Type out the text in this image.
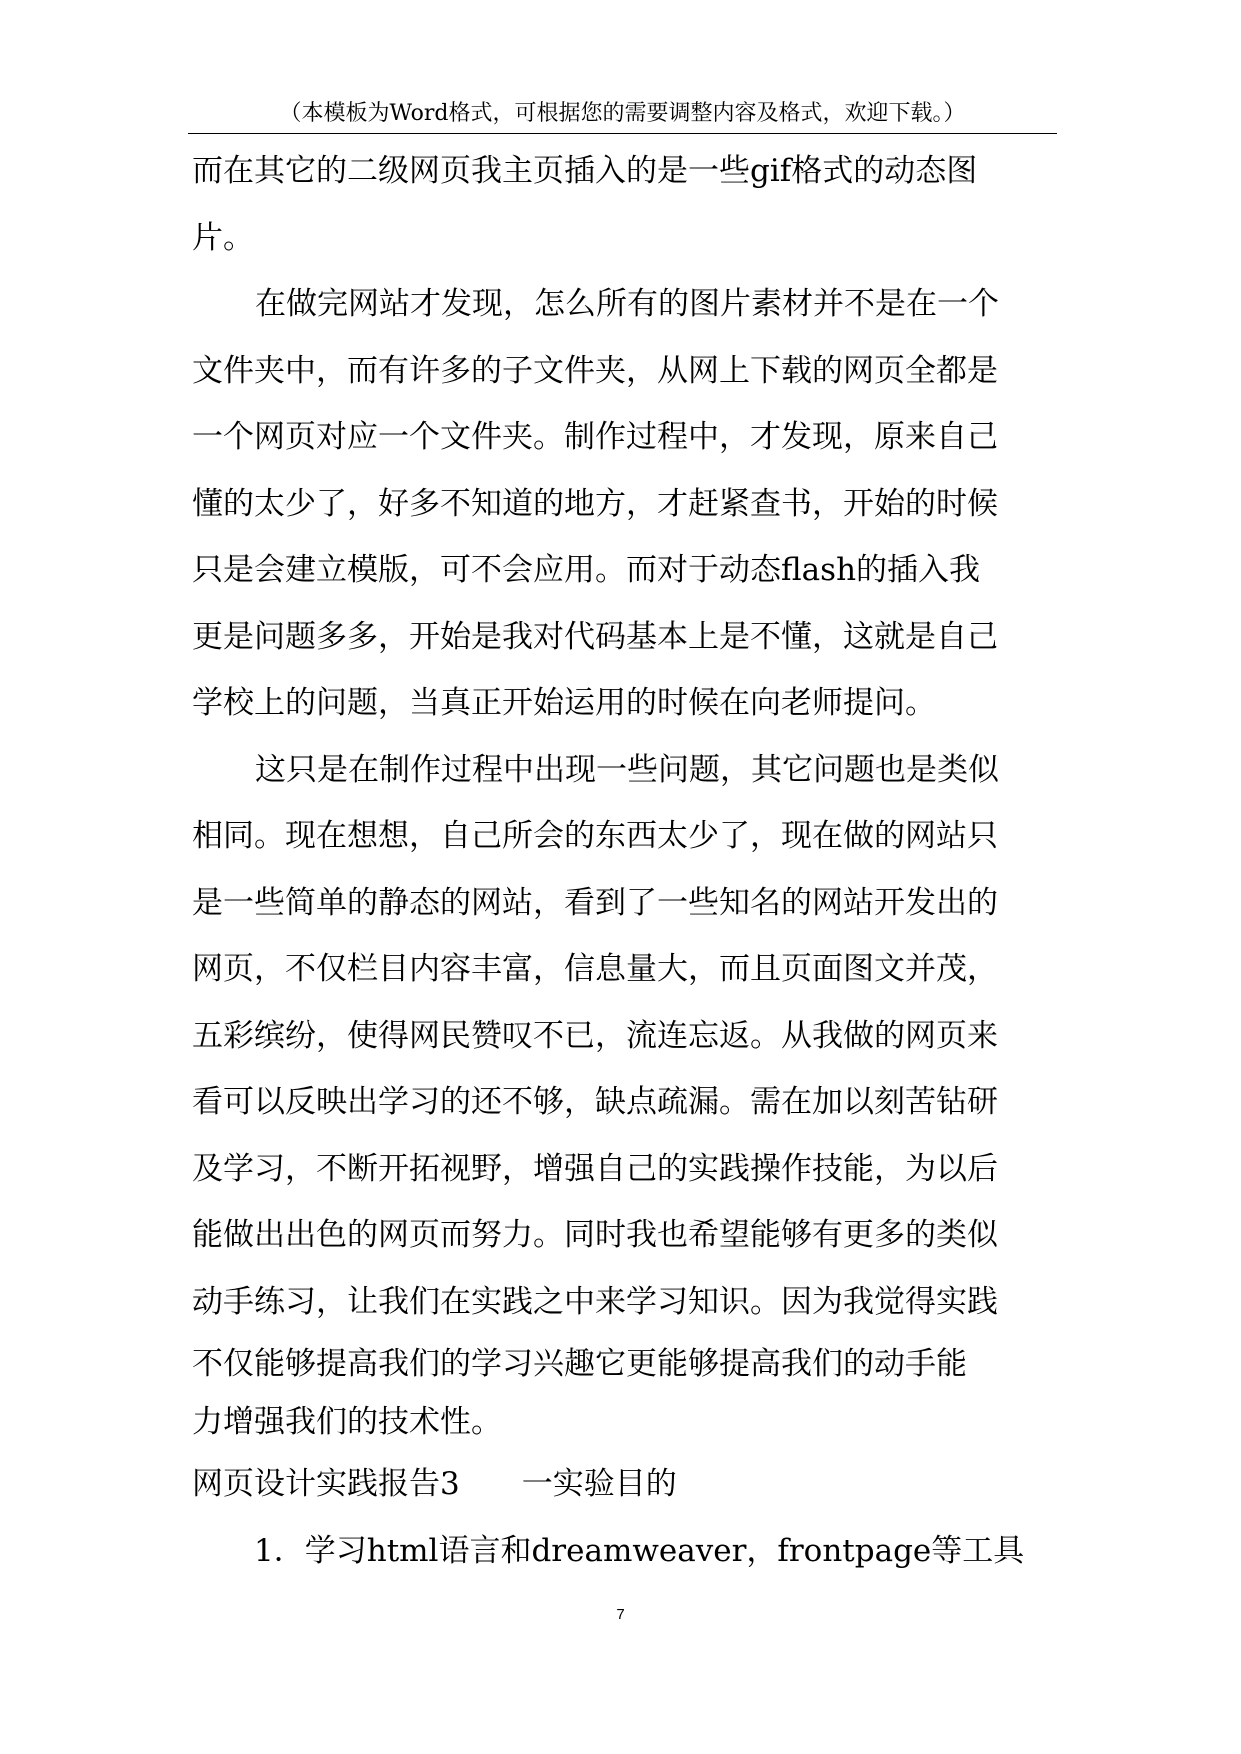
（本模板为Word格式，可根据您的需要调整内容及格式，欢迎下载。）
而在其它的二级网页我主页插入的是一些gif格式的动态图
片。
在做完网站才发现，怎么所有的图片素材并不是在一个
文件夹中，而有许多的子文件夹，从网上下载的网页全都是
一个网页对应一个文件夹。制作过程中，才发现，原来自己
懂的太少了，好多不知道的地方，才赶紧查书，开始的时候
只是会建立模版，可不会应用。而对于动态flash的插入我
更是问题多多，开始是我对代码基本上是不懂，这就是自己
学校上的问题，当真正开始运用的时候在向老师提问。
这只是在制作过程中出现一些问题，其它问题也是类似
相同。现在想想，自己所会的东西太少了，现在做的网站只
是一些简单的静态的网站，看到了一些知名的网站开发出的
网页，不仅栏目内容丰富，信息量大，而且页面图文并茂，
五彩缤纷，使得网民赞叹不已，流连忘返。从我做的网页来
看可以反映出学习的还不够，缺点疏漏。需在加以刻苦钻研
及学习，不断开拓视野，增强自己的实践操作技能，为以后
能做出出色的网页而努力。同时我也希望能够有更多的类似
动手练习，让我们在实践之中来学习知识。因为我觉得实践
不仅能够提高我们的学习兴趣它更能够提高我们的动手能
力增强我们的技术性。
网页设计实践报告3 一实验目的
1．学习html语言和dreamweaver，frontpage等工具
7
